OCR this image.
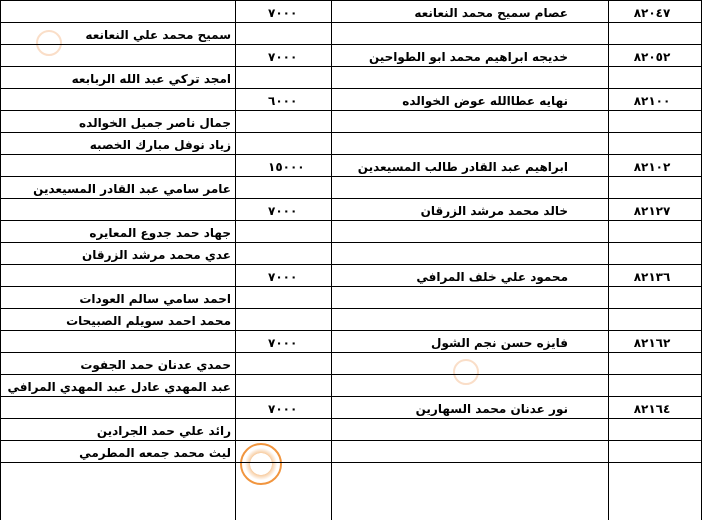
٨٢٠٤٧
عصام سميح محمد النعانعه
٧٠٠٠
سميح محمد علي النعانعه
٨٢٠٥٢
خديجه ابراهيم محمد ابو الطواحين
٧٠٠٠
امجد تركي عبد الله الربابعه
٨٢١٠٠
نهايه عطاالله عوض الخوالده
٦٠٠٠
جمال ناصر جميل الخوالده
زياد نوفل مبارك الخصبه
٨٢١٠٢
ابراهيم عبد القادر طالب المسيعدين
١٥٠٠٠
عامر سامي عبد القادر المسيعدين
٨٢١٢٧
خالد محمد مرشد الزرقان
٧٠٠٠
جهاد حمد جدوع المعايره
عدي محمد مرشد الزرقان
٨٢١٣٦
محمود علي خلف المرافي
٧٠٠٠
احمد سامي سالم العودات
محمد احمد سويلم الصبيحات
٨٢١٦٢
فايزه حسن نجم الشول
٧٠٠٠
حمدي عدنان حمد الجفوت
عبد المهدي عادل عبد المهدي المرافي
٨٢١٦٤
نور عدنان محمد السهارين
٧٠٠٠
رائد علي حمد الجرادين
ليث محمد جمعه المطرمي
